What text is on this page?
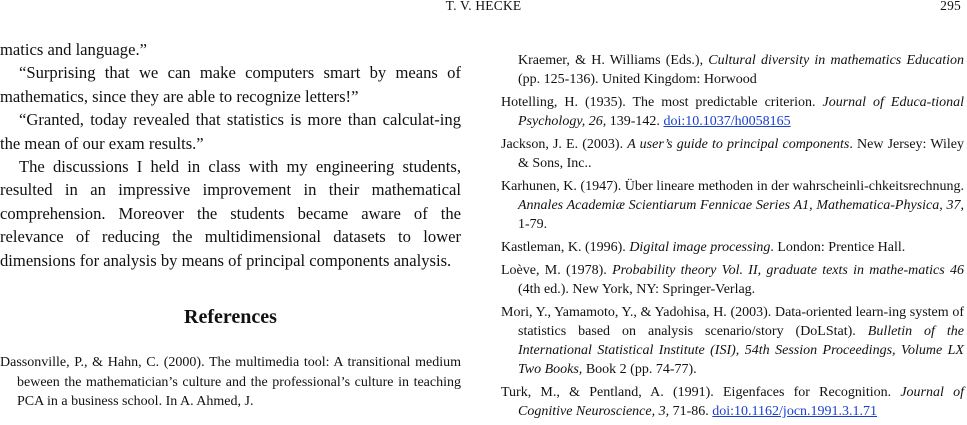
T. V. HECKE	295

matics and language.”

“Surprising that we can make computers smart by means of mathematics, since they are able to recognize letters!”

“Granted, today revealed that statistics is more than calculat-ing the mean of our exam results.”

The discussions I held in class with my engineering students, resulted in an impressive improvement in their mathematical comprehension. Moreover the students became aware of the relevance of reducing the multidimensional datasets to lower dimensions for analysis by means of principal components analysis.

References
Dassonville, P., & Hahn, C. (2000). The multimedia tool: A transitional medium beween the mathematician’s culture and the professional’s culture in teaching PCA in a business school. In A. Ahmed, J.

Kraemer, & H. Williams (Eds.), Cultural diversity in mathematics Education (pp. 125-136). United Kingdom: Horwood

Hotelling, H. (1935). The most predictable criterion. Journal of Educa-tional Psychology, 26, 139-142. doi:10.1037/h0058165

Jackson, J. E. (2003). A user’s guide to principal components. New Jersey: Wiley & Sons, Inc..

Karhunen, K. (1947). Über lineare methoden in der wahrscheinli-chkeitsrechnung. Annales Academiæ Scientiarum Fennicae Series A1, Mathematica-Physica, 37, 1-79.

Kastleman, K. (1996). Digital image processing. London: Prentice Hall.

Loève, M. (1978). Probability theory Vol. II, graduate texts in mathe-matics 46 (4th ed.). New York, NY: Springer-Verlag.

Mori, Y., Yamamoto, Y., & Yadohisa, H. (2003). Data-oriented learn-ing system of statistics based on analysis scenario/story (DoLStat). Bulletin of the International Statistical Institute (ISI), 54th Session Proceedings, Volume LX Two Books, Book 2 (pp. 74-77).

Turk, M., & Pentland, A. (1991). Eigenfaces for Recognition. Journal of Cognitive Neuroscience, 3, 71-86. doi:10.1162/jocn.1991.3.1.71
